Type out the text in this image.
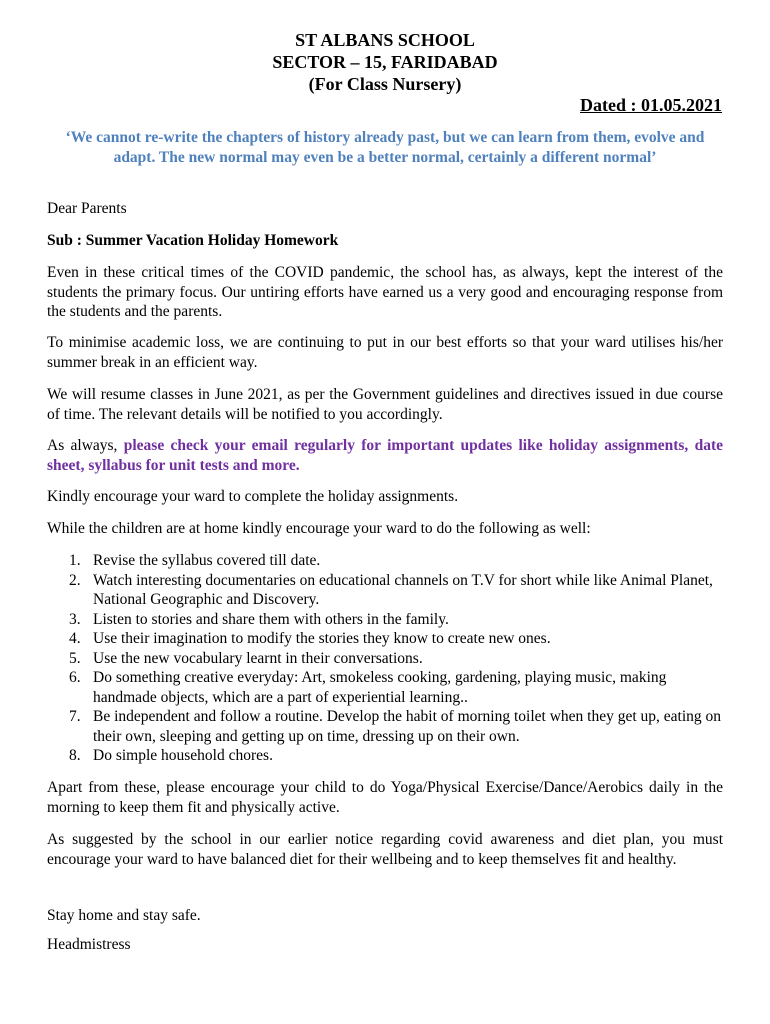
ST ALBANS SCHOOL
SECTOR – 15, FARIDABAD
(For Class Nursery)
Dated : 01.05.2021
‘We cannot re-write the chapters of history already past, but we can learn from them, evolve and adapt. The new normal may even be a better normal, certainly a different normal’
Dear Parents
Sub : Summer Vacation Holiday Homework
Even in these critical times of the COVID pandemic, the school has, as always, kept the interest of the students the primary focus. Our untiring efforts have earned us a very good and encouraging response from the students and the parents.
To minimise academic loss, we are continuing to put in our best efforts so that your ward utilises his/her summer break in an efficient way.
We will resume classes in June 2021, as per the Government guidelines and directives issued in due course of time. The relevant details will be notified to you accordingly.
As always, please check your email regularly for important updates like holiday assignments, date sheet, syllabus for unit tests and more.
Kindly encourage your ward to complete the holiday assignments.
While the children are at home kindly encourage your ward to do the following as well:
1. Revise the syllabus covered till date.
2. Watch interesting documentaries on educational channels on T.V for short while like Animal Planet, National Geographic and Discovery.
3. Listen to stories and share them with others in the family.
4. Use their imagination to modify the stories they know to create new ones.
5. Use the new vocabulary learnt in their conversations.
6. Do something creative everyday: Art, smokeless cooking, gardening, playing music, making handmade objects, which are a part of experiential learning..
7. Be independent and follow a routine. Develop the habit of morning toilet when they get up, eating on their own, sleeping and getting up on time, dressing up on their own.
8. Do simple household chores.
Apart from these, please encourage your child to do Yoga/Physical Exercise/Dance/Aerobics daily in the morning to keep them fit and physically active.
As suggested by the school in our earlier notice regarding covid awareness and diet plan, you must encourage your ward to have balanced diet for their wellbeing and to keep themselves fit and healthy.
Stay home and stay safe.
Headmistress
